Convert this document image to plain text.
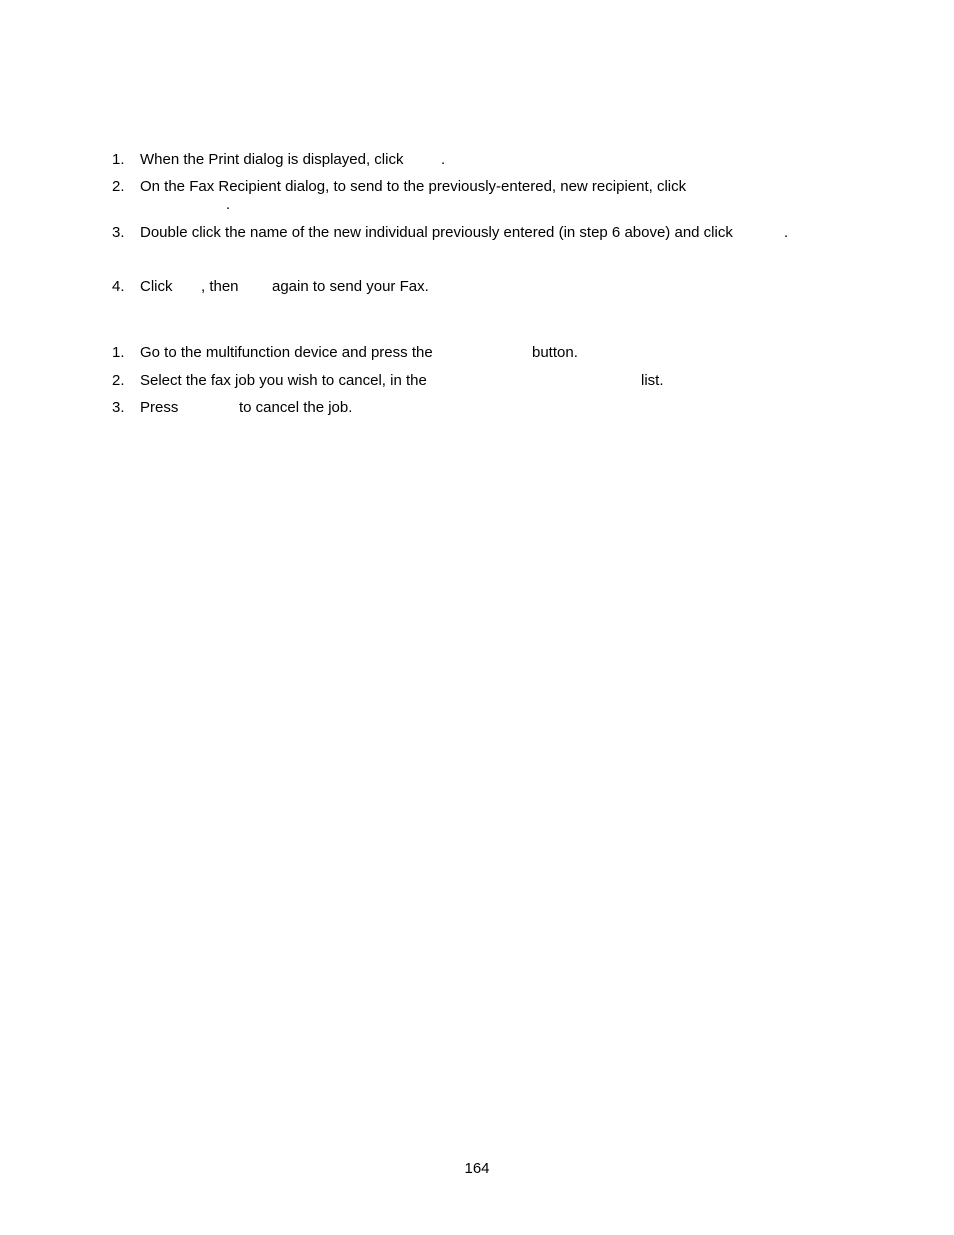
1. When the Print dialog is displayed, click	.
2. On the Fax Recipient dialog, to send to the previously-entered, new recipient, click
.
3. Double click the name of the new individual previously entered (in step 6 above) and click	.
4. Click , then again to send your Fax.
1. Go to the multifunction device and press the	button.
2. Select the fax job you wish to cancel, in the	list.
3. Press	to cancel the job.
164
